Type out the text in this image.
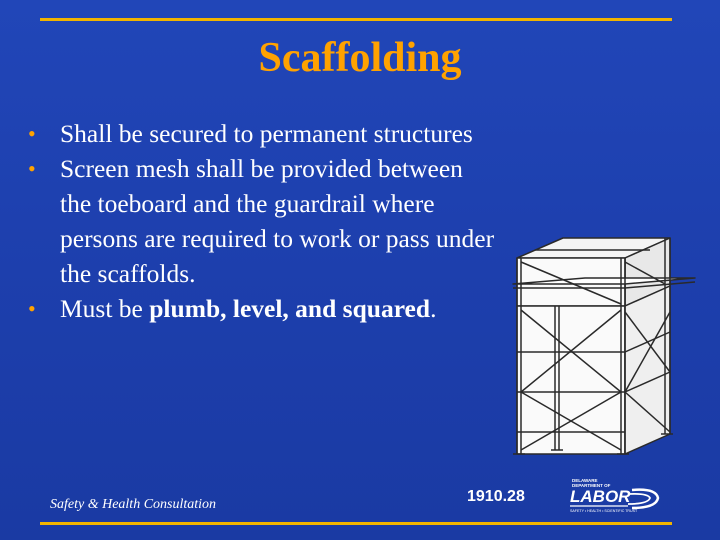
Scaffolding
• Shall be secured to permanent structures
• Screen mesh shall be provided between the toeboard and the guardrail where persons are required to work or pass under the scaffolds.
• Must be plumb, level, and squared.
Safety & Health Consultation	1910.28
DELAWARE
DEPARTMENT OF
LABOR
SAFETY • HEALTH • SCIENTIFIC TRUST
